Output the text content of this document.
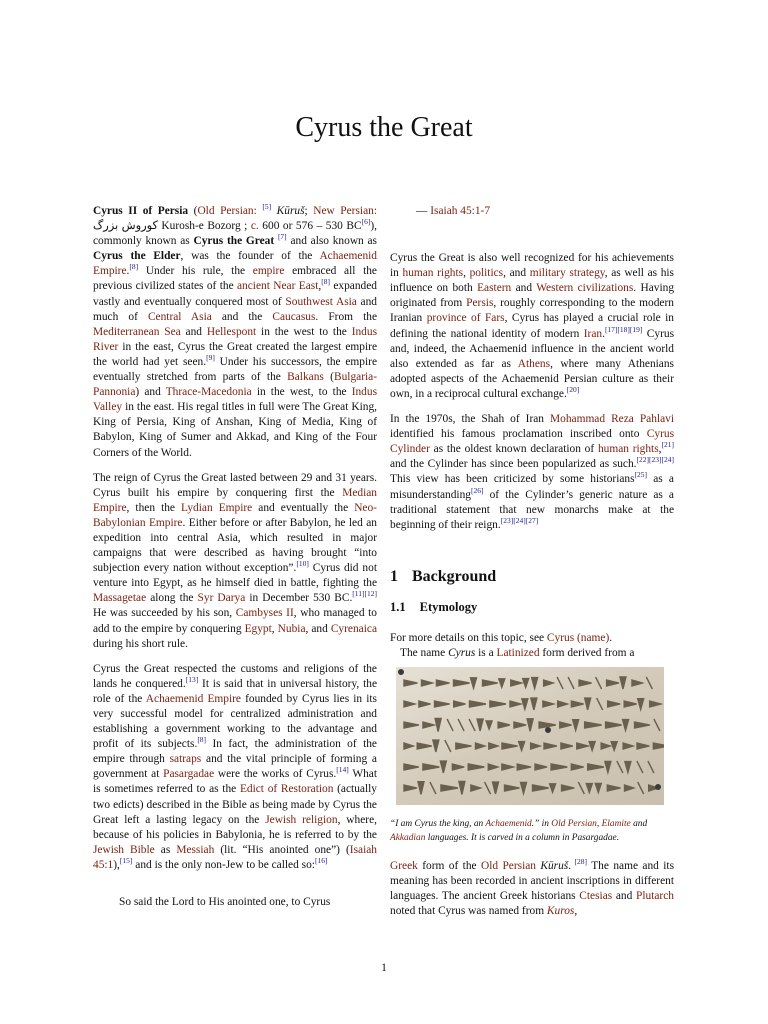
Cyrus the Great

Cyrus II of Persia (Old Persian: [5] Kūruš; New Persian: کوروش بزرگ Kurosh-e Bozorg ; c. 600 or 576 – 530 BC[6]), commonly known as Cyrus the Great [7] and also known as Cyrus the Elder, was the founder of the Achaemenid Empire.[8] Under his rule, the empire embraced all the previous civilized states of the ancient Near East,[8] expanded vastly and eventually conquered most of Southwest Asia and much of Central Asia and the Caucasus. From the Mediterranean Sea and Hellespont in the west to the Indus River in the east, Cyrus the Great created the largest empire the world had yet seen.[9] Under his successors, the empire eventually stretched from parts of the Balkans (Bulgaria-Pannonia) and Thrace-Macedonia in the west, to the Indus Valley in the east. His regal titles in full were The Great King, King of Persia, King of Anshan, King of Media, King of Babylon, King of Sumer and Akkad, and King of the Four Corners of the World.

The reign of Cyrus the Great lasted between 29 and 31 years. Cyrus built his empire by conquering first the Median Empire, then the Lydian Empire and eventually the Neo-Babylonian Empire. Either before or after Babylon, he led an expedition into central Asia, which resulted in major campaigns that were described as having brought “into subjection every nation without exception”.[10] Cyrus did not venture into Egypt, as he himself died in battle, fighting the Massagetae along the Syr Darya in December 530 BC.[11][12] He was succeeded by his son, Cambyses II, who managed to add to the empire by conquering Egypt, Nubia, and Cyrenaica during his short rule.

Cyrus the Great respected the customs and religions of the lands he conquered.[13] It is said that in universal history, the role of the Achaemenid Empire founded by Cyrus lies in its very successful model for centralized administration and establishing a government working to the advantage and profit of its subjects.[8] In fact, the administration of the empire through satraps and the vital principle of forming a government at Pasargadae were the works of Cyrus.[14] What is sometimes referred to as the Edict of Restoration (actually two edicts) described in the Bible as being made by Cyrus the Great left a lasting legacy on the Jewish religion, where, because of his policies in Babylonia, he is referred to by the Jewish Bible as Messiah (lit. “His anointed one”) (Isaiah 45:1),[15] and is the only non-Jew to be called so:[16]

So said the Lord to His anointed one, to Cyrus

— Isaiah 45:1-7

Cyrus the Great is also well recognized for his achievements in human rights, politics, and military strategy, as well as his influence on both Eastern and Western civilizations. Having originated from Persis, roughly corresponding to the modern Iranian province of Fars, Cyrus has played a crucial role in defining the national identity of modern Iran.[17][18][19] Cyrus and, indeed, the Achaemenid influence in the ancient world also extended as far as Athens, where many Athenians adopted aspects of the Achaemenid Persian culture as their own, in a reciprocal cultural exchange.[20]

In the 1970s, the Shah of Iran Mohammad Reza Pahlavi identified his famous proclamation inscribed onto Cyrus Cylinder as the oldest known declaration of human rights,[21] and the Cylinder has since been popularized as such.[22][23][24] This view has been criticized by some historians[25] as a misunderstanding[26] of the Cylinder’s generic nature as a traditional statement that new monarchs make at the beginning of their reign.[23][24][27]

1 Background
1.1 Etymology

For more details on this topic, see Cyrus (name).

The name Cyrus is a Latinized form derived from a

“I am Cyrus the king, an Achaemenid.” in Old Persian, Elamite and Akkadian languages. It is carved in a column in Pasargadae.

Greek form of the Old Persian Kūruš. [28] The name and its meaning has been recorded in ancient inscriptions in different languages. The ancient Greek historians Ctesias and Plutarch noted that Cyrus was named from Kuros,

1
